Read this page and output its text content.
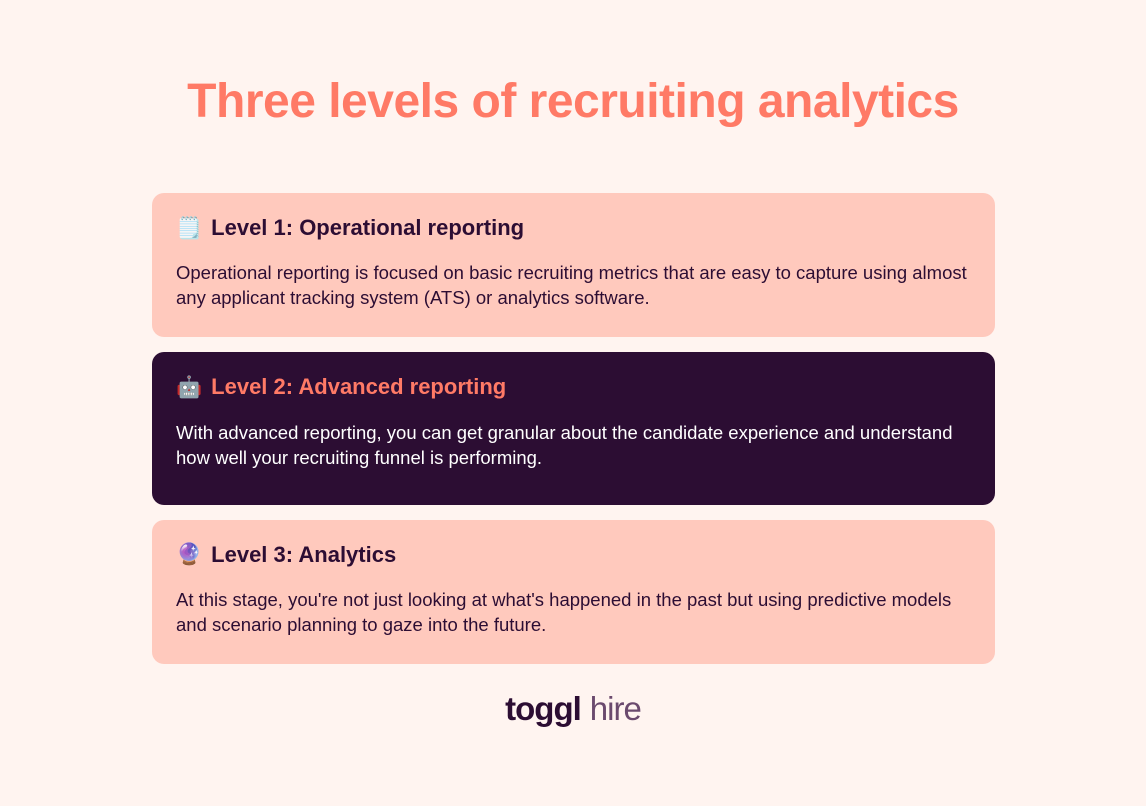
Three levels of recruiting analytics
🗒️ Level 1: Operational reporting

Operational reporting is focused on basic recruiting metrics that are easy to capture using almost any applicant tracking system (ATS) or analytics software.

🤖 Level 2: Advanced reporting

With advanced reporting, you can get granular about the candidate experience and understand how well your recruiting funnel is performing.

🔮 Level 3: Analytics

At this stage, you're not just looking at what's happened in the past but using predictive models and scenario planning to gaze into the future.

toggl hire
